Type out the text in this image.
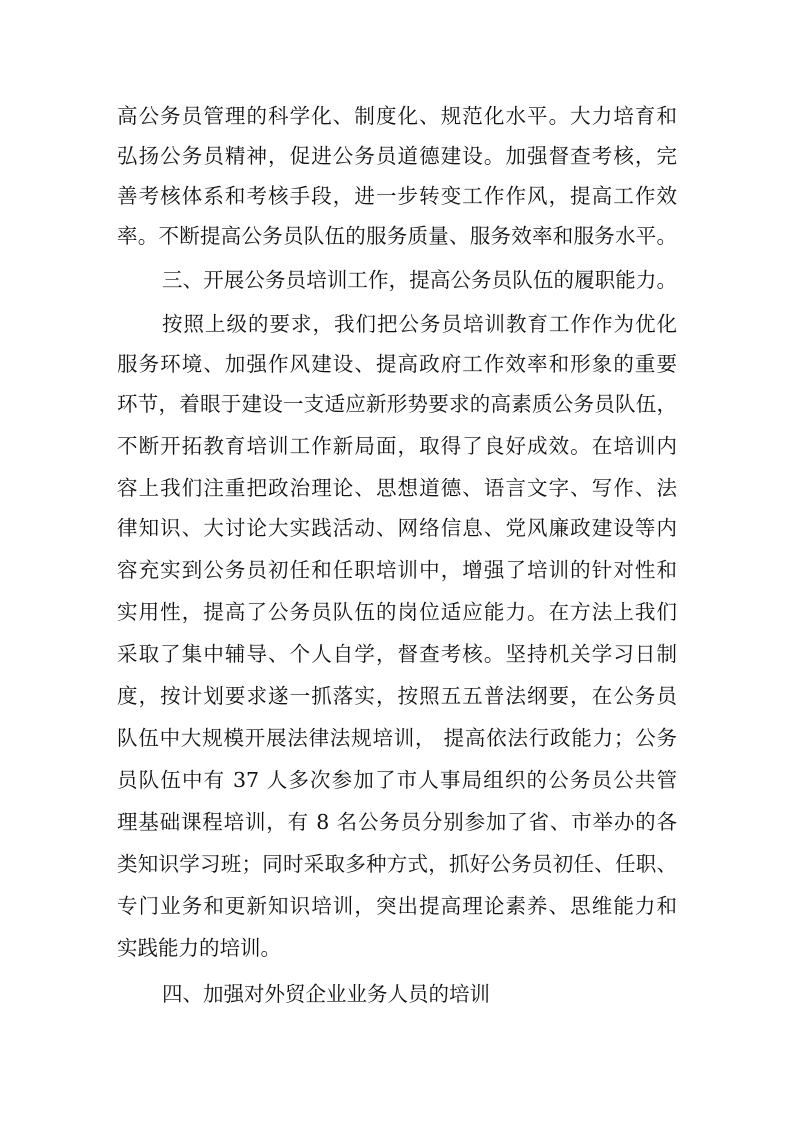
高公务员管理的科学化、制度化、规范化水平。大力培育和
弘扬公务员精神，促进公务员道德建设。加强督查考核，完
善考核体系和考核手段，进一步转变工作作风，提高工作效
率。不断提高公务员队伍的服务质量、服务效率和服务水平。
三、开展公务员培训工作，提高公务员队伍的履职能力。
按照上级的要求，我们把公务员培训教育工作作为优化
服务环境、加强作风建设、提高政府工作效率和形象的重要
环节，着眼于建设一支适应新形势要求的高素质公务员队伍，
不断开拓教育培训工作新局面，取得了良好成效。在培训内
容上我们注重把政治理论、思想道德、语言文字、写作、法
律知识、大讨论大实践活动、网络信息、党风廉政建设等内
容充实到公务员初任和任职培训中，增强了培训的针对性和
实用性，提高了公务员队伍的岗位适应能力。在方法上我们
采取了集中辅导、个人自学，督查考核。坚持机关学习日制
度，按计划要求遂一抓落实，按照五五普法纲要，在公务员
队伍中大规模开展法律法规培训， 提高依法行政能力；公务
员队伍中有 37 人多次参加了市人事局组织的公务员公共管
理基础课程培训，有 8 名公务员分别参加了省、市举办的各
类知识学习班；同时采取多种方式，抓好公务员初任、任职、
专门业务和更新知识培训，突出提高理论素养、思维能力和
实践能力的培训。
四、加强对外贸企业业务人员的培训
